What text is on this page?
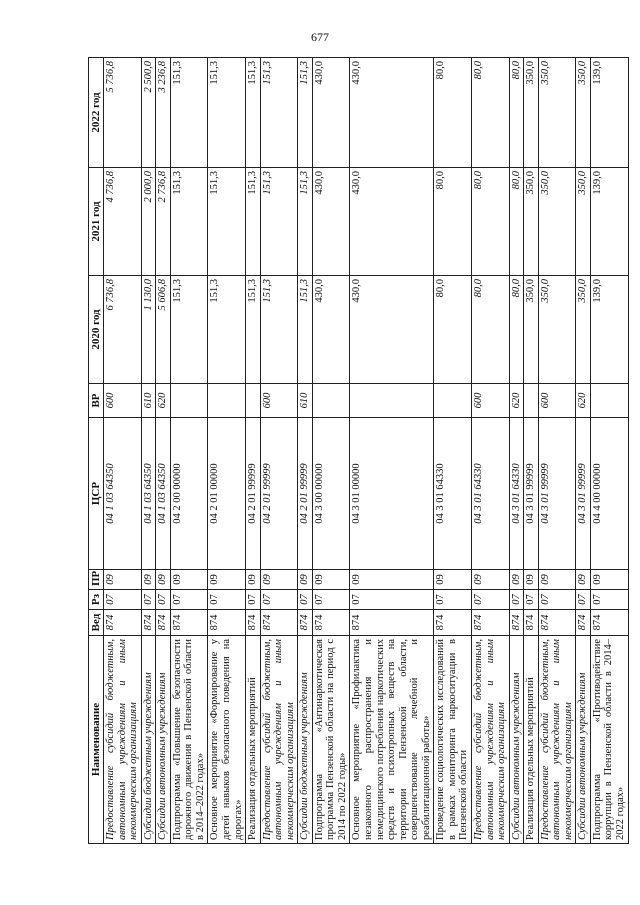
677
Наименование	Вед	Рз	ПР	ЦСР	ВР	2020 год	2021 год	2022 год
Предоставление субсидий бюджетным, автономным учреждениям и иным некоммерческим организациям	874	07	09	04 1 03 64350	600	6 736,8	4 736,8	5 736,8
Субсидии бюджетным учреждениям	874	07	09	04 1 03 64350	610	1 130,0	2 000,0	2 500,0
Субсидии автономным учреждениям	874	07	09	04 1 03 64350	620	5 606,8	2 736,8	3 236,8
Подпрограмма «Повышение безопасности дорожного движения в Пензенской области в 2014–2022 годах»	874	07	09	04 2 00 00000		151,3	151,3	151,3
Основное мероприятие «Формирование у детей навыков безопасного поведения на дорогах»	874	07	09	04 2 01 00000		151,3	151,3	151,3
Реализация отдельных мероприятий	874	07	09	04 2 01 99999		151,3	151,3	151,3
Предоставление субсидий бюджетным, автономным учреждениям и иным некоммерческим организациям	874	07	09	04 2 01 99999	600	151,3	151,3	151,3
Субсидии бюджетным учреждениям	874	07	09	04 2 01 99999	610	151,3	151,3	151,3
Подпрограмма «Антинаркотическая программа Пензенской области на период с 2014 по 2022 годы»	874	07	09	04 3 00 00000		430,0	430,0	430,0
Основное мероприятие «Профилактика незаконного распространения и немедицинского потребления наркотических средств и психотропных веществ на территории Пензенской области, совершенствование лечебной и реабилитационной работы»	874	07	09	04 3 01 00000		430,0	430,0	430,0
Проведение социологических исследований в рамках мониторинга наркоситуации в Пензенской области	874	07	09	04 3 01 64330		80,0	80,0	80,0
Предоставление субсидий бюджетным, автономным учреждениям и иным некоммерческим организациям	874	07	09	04 3 01 64330	600	80,0	80,0	80,0
Субсидии автономным учреждениям	874	07	09	04 3 01 64330	620	80,0	80,0	80,0
Реализация отдельных мероприятий	874	07	09	04 3 01 99999		350,0	350,0	350,0
Предоставление субсидий бюджетным, автономным учреждениям и иным некоммерческим организациям	874	07	09	04 3 01 99999	600	350,0	350,0	350,0
Субсидии автономным учреждениям	874	07	09	04 3 01 99999	620	350,0	350,0	350,0
Подпрограмма «Противодействие коррупции в Пензенской области в 2014–2022 годах»	874	07	09	04 4 00 00000		139,0	139,0	139,0
